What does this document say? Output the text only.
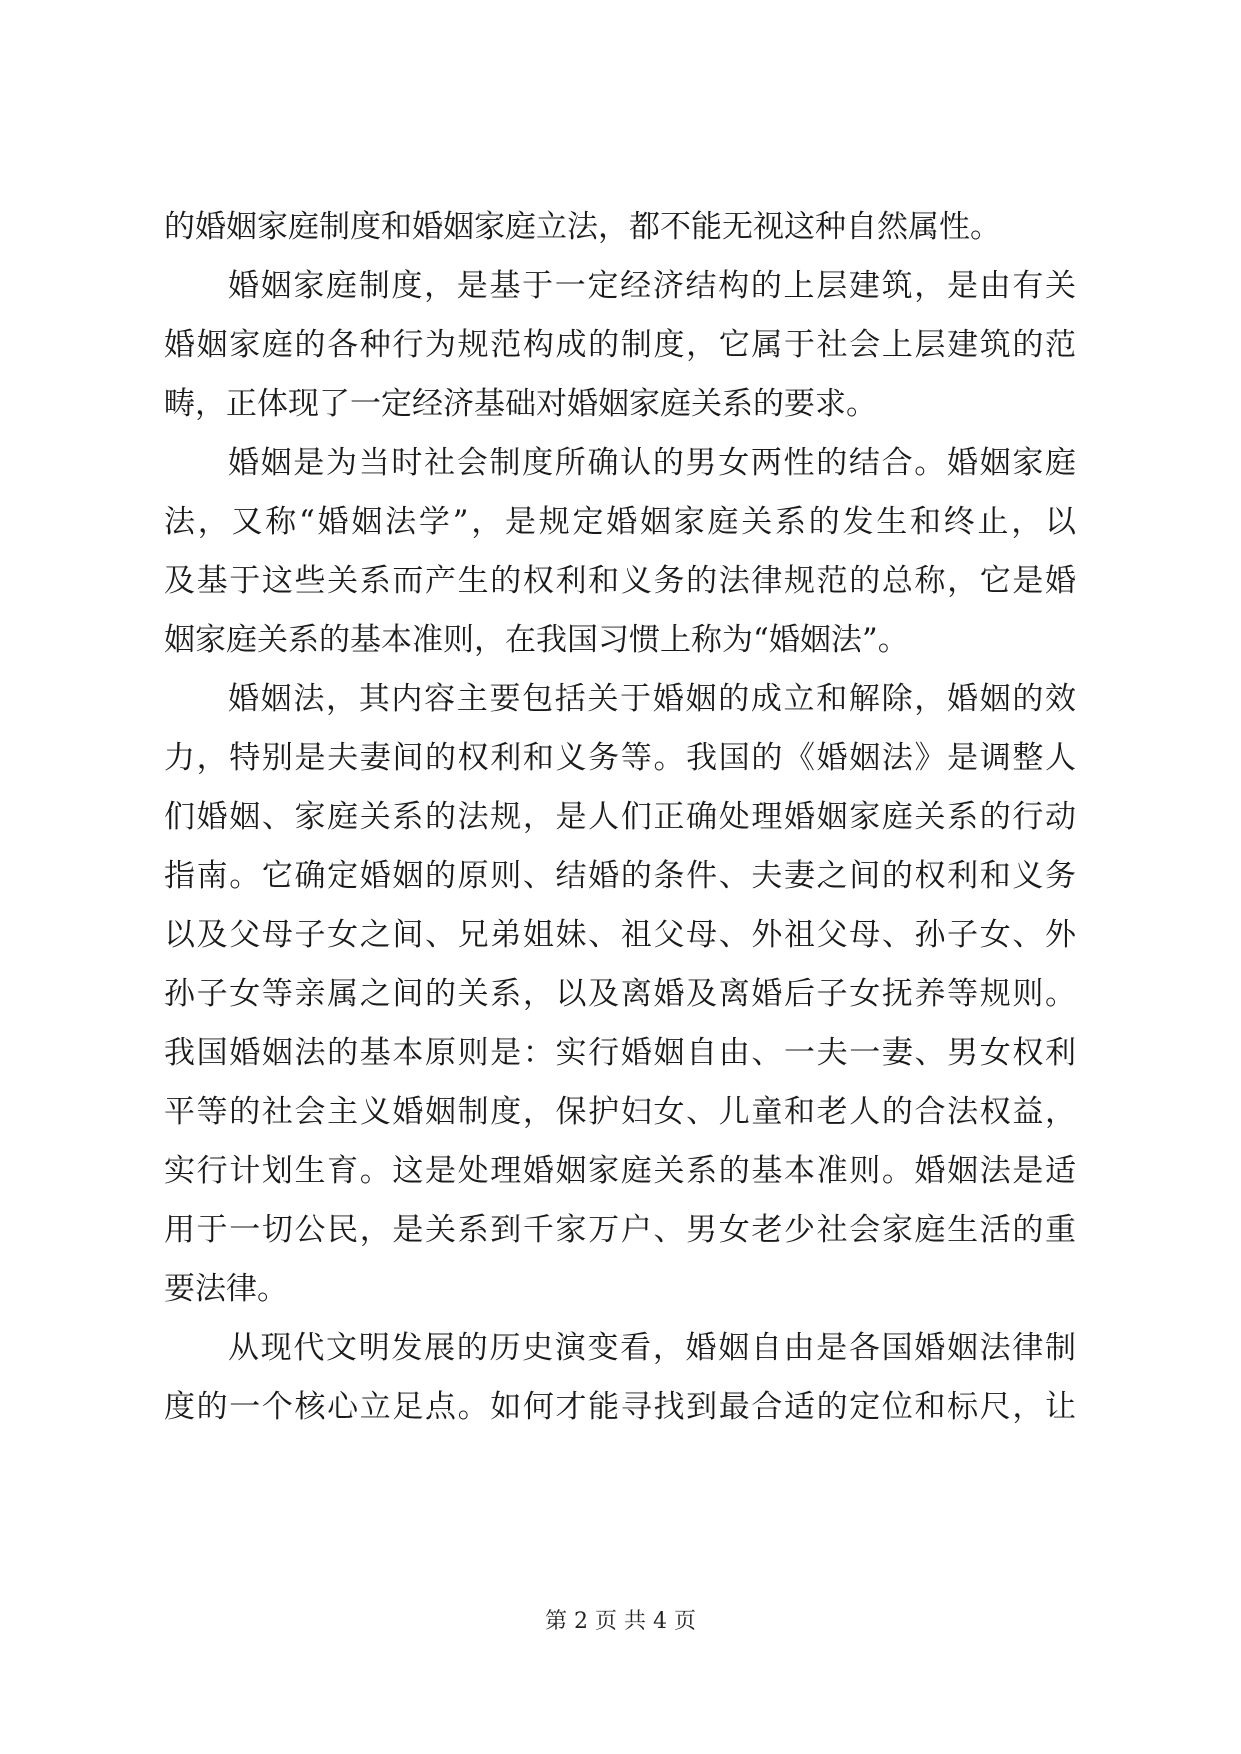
的婚姻家庭制度和婚姻家庭立法，都不能无视这种自然属性。
婚姻家庭制度，是基于一定经济结构的上层建筑，是由有关
婚姻家庭的各种行为规范构成的制度，它属于社会上层建筑的范
畴，正体现了一定经济基础对婚姻家庭关系的要求。
婚姻是为当时社会制度所确认的男女两性的结合。婚姻家庭
法，又称“婚姻法学”，是规定婚姻家庭关系的发生和终止，以
及基于这些关系而产生的权利和义务的法律规范的总称，它是婚
姻家庭关系的基本准则，在我国习惯上称为“婚姻法”。
婚姻法，其内容主要包括关于婚姻的成立和解除，婚姻的效
力，特别是夫妻间的权利和义务等。我国的《婚姻法》是调整人
们婚姻、家庭关系的法规，是人们正确处理婚姻家庭关系的行动
指南。它确定婚姻的原则、结婚的条件、夫妻之间的权利和义务
以及父母子女之间、兄弟姐妹、祖父母、外祖父母、孙子女、外
孙子女等亲属之间的关系，以及离婚及离婚后子女抚养等规则。
我国婚姻法的基本原则是：实行婚姻自由、一夫一妻、男女权利
平等的社会主义婚姻制度，保护妇女、儿童和老人的合法权益，
实行计划生育。这是处理婚姻家庭关系的基本准则。婚姻法是适
用于一切公民，是关系到千家万户、男女老少社会家庭生活的重
要法律。
从现代文明发展的历史演变看，婚姻自由是各国婚姻法律制
度的一个核心立足点。如何才能寻找到最合适的定位和标尺，让
第 2 页 共 4 页
